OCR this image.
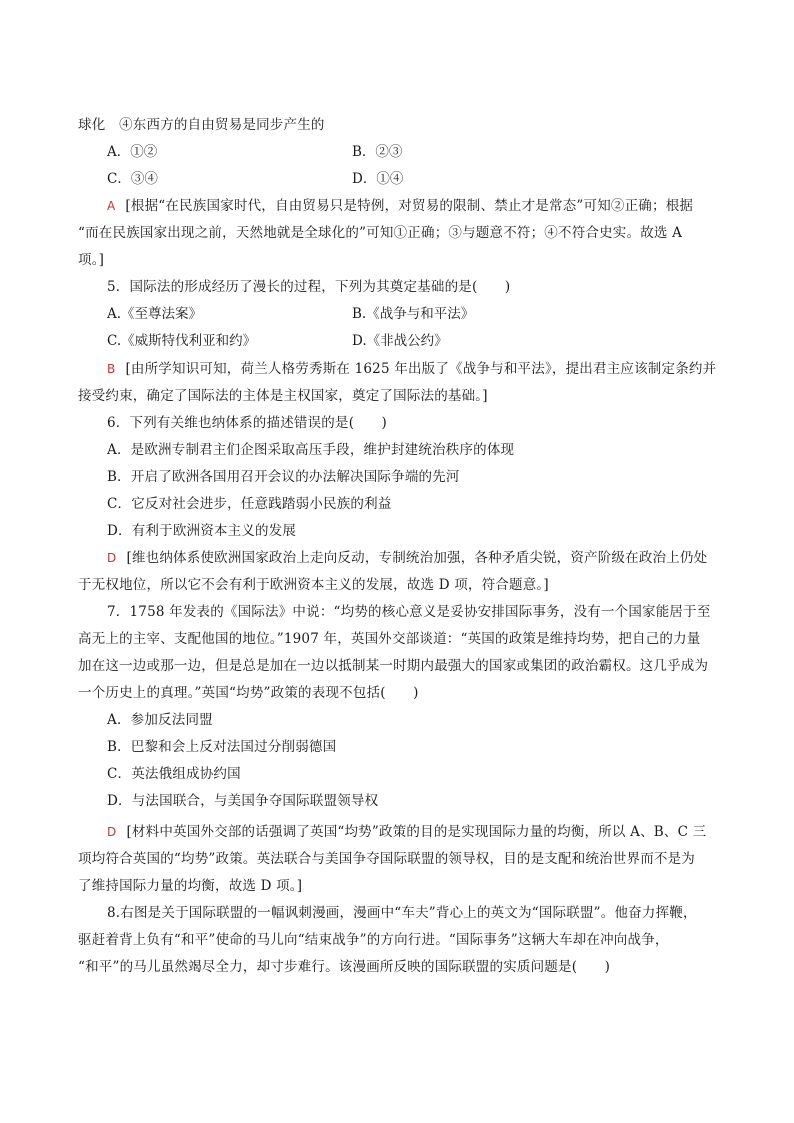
球化　④东西方的自由贸易是同步产生的
A．①②	B．②③
C．③④	D．①④
A [根据“在民族国家时代，自由贸易只是特例，对贸易的限制、禁止才是常态”可知②正确；根据
“而在民族国家出现之前，天然地就是全球化的”可知①正确；③与题意不符；④不符合史实。故选 A
项。]
5．国际法的形成经历了漫长的过程，下列为其奠定基础的是(　　)
A.《至尊法案》	B.《战争与和平法》
C.《威斯特伐利亚和约》	D.《非战公约》
B [由所学知识可知，荷兰人格劳秀斯在 1625 年出版了《战争与和平法》，提出君主应该制定条约并
接受约束，确定了国际法的主体是主权国家，奠定了国际法的基础。]
6．下列有关维也纳体系的描述错误的是(　　)
A．是欧洲专制君主们企图采取高压手段，维护封建统治秩序的体现
B．开启了欧洲各国用召开会议的办法解决国际争端的先河
C．它反对社会进步，任意践踏弱小民族的利益
D．有利于欧洲资本主义的发展
D [维也纳体系使欧洲国家政治上走向反动，专制统治加强，各种矛盾尖锐，资产阶级在政治上仍处
于无权地位，所以它不会有利于欧洲资本主义的发展，故选 D 项，符合题意。]
7．1758 年发表的《国际法》中说：“均势的核心意义是妥协安排国际事务，没有一个国家能居于至
高无上的主宰、支配他国的地位。”1907 年，英国外交部谈道：“英国的政策是维持均势，把自己的力量
加在这一边或那一边，但是总是加在一边以抵制某一时期内最强大的国家或集团的政治霸权。这几乎成为
一个历史上的真理。”英国“均势”政策的表现不包括(　　)
A．参加反法同盟
B．巴黎和会上反对法国过分削弱德国
C．英法俄组成协约国
D．与法国联合，与美国争夺国际联盟领导权
D [材料中英国外交部的话强调了英国“均势”政策的目的是实现国际力量的均衡，所以 A、B、C 三
项均符合英国的“均势”政策。英法联合与美国争夺国际联盟的领导权，目的是支配和统治世界而不是为
了维持国际力量的均衡，故选 D 项。]
8.右图是关于国际联盟的一幅讽刺漫画，漫画中“车夫”背心上的英文为“国际联盟”。他奋力挥鞭，
驱赶着背上负有“和平”使命的马儿向“结束战争”的方向行进。“国际事务”这辆大车却在冲向战争，
“和平”的马儿虽然竭尽全力，却寸步难行。该漫画所反映的国际联盟的实质问题是(　　)
